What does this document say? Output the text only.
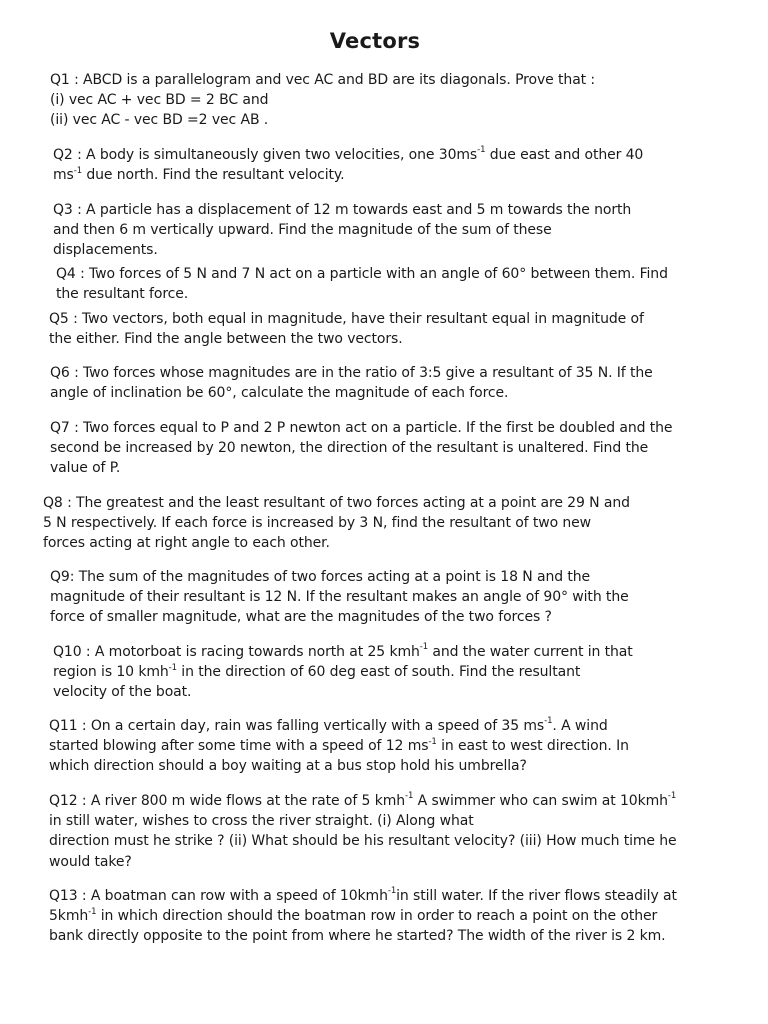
Vectors
Q1 : ABCD is a parallelogram and vec AC and BD are its diagonals. Prove that :
(i) vec AC + vec BD = 2 BC and
(ii) vec AC - vec BD =2 vec AB .
Q2 : A body is simultaneously given two velocities, one $30ms^{-1}$ due east and other 40
$ms^{-1}$ due north. Find the resultant velocity.
Q3 : A particle has a displacement of 12 m towards east and 5 m towards the north
and then 6 m vertically upward. Find the magnitude of the sum of these
displacements.
Q4 : Two forces of 5 N and 7 N act on a particle with an angle of 60° between them. Find
the resultant force.
Q5 : Two vectors, both equal in magnitude, have their resultant equal in magnitude of
the either. Find the angle between the two vectors.
Q6 : Two forces whose magnitudes are in the ratio of 3:5 give a resultant of 35 N. If the
angle of inclination be 60°, calculate the magnitude of each force.
Q7 : Two forces equal to P and 2 P newton act on a particle. If the first be doubled and the
second be increased by 20 newton, the direction of the resultant is unaltered. Find the
value of P.
Q8 : The greatest and the least resultant of two forces acting at a point are 29 N and
5 N respectively. If each force is increased by 3 N, find the resultant of two new
forces acting at right angle to each other.
Q9: The sum of the magnitudes of two forces acting at a point is 18 N and the
magnitude of their resultant is 12 N. If the resultant makes an angle of 90° with the
force of smaller magnitude, what are the magnitudes of the two forces ?
Q10 : A motorboat is racing towards north at 25 kmh$^{-1}$ and the water current in that
region is 10 kmh$^{-1}$ in the direction of 60 deg east of south. Find the resultant
velocity of the boat.
Q11 : On a certain day, rain was falling vertically with a speed of 35 $ms^{-1}$. A wind
started blowing after some time with a speed of 12 $ms^{-1}$ in east to west direction. In
which direction should a boy waiting at a bus stop hold his umbrella?
Q12 : A river 800 m wide flows at the rate of 5 kmh$^{-1}$ A swimmer who can swim at 10kmh$^{-1}$
in still water, wishes to cross the river straight. (i) Along what
direction must he strike ? (ii) What should be his resultant velocity? (iii) How much time he
would take?
Q13 : A boatman can row with a speed of 10kmh$^{-1}$in still water. If the river flows steadily at
5kmh$^{-1}$ in which direction should the boatman row in order to reach a point on the other
bank directly opposite to the point from where he started? The width of the river is 2 km.
